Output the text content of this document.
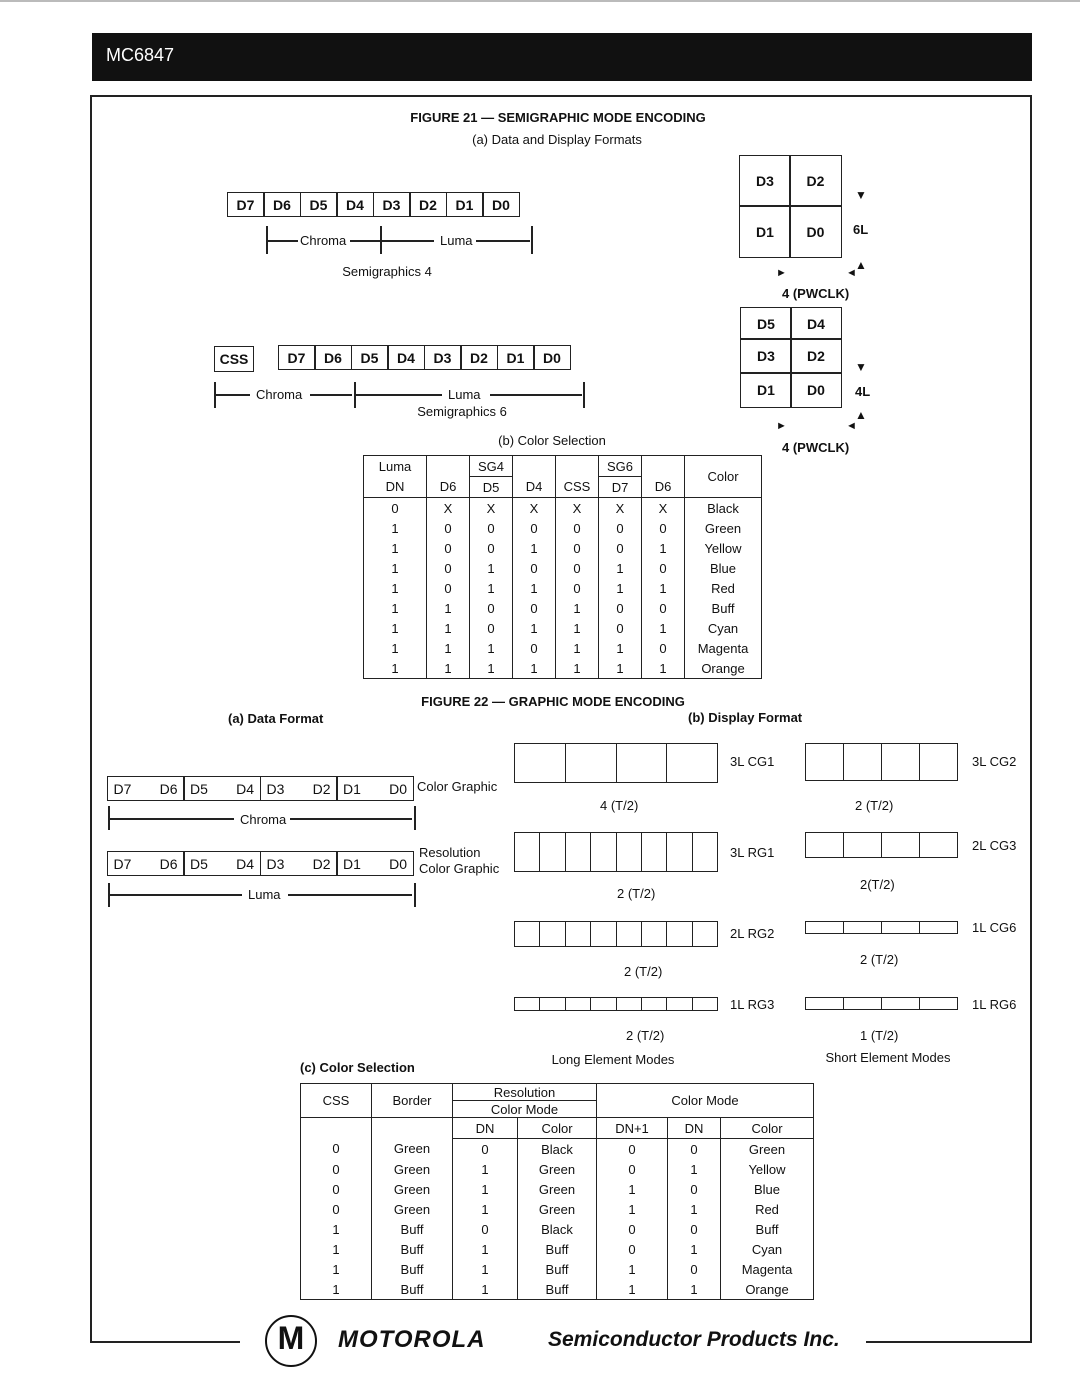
MC6847
FIGURE 21 — SEMIGRAPHIC MODE ENCODING
(a) Data and Display Formats
D7	D6	D5	D4	D3	D2	D1	D0
Chroma	Luma
Semigraphics 4
CSS	D7	D6	D5	D4	D3	D2	D1	D0
Chroma	Luma
Semigraphics 6
D3	D2
D1	D0	6L
▼
▲
►	◄
4 (PWCLK)
D5	D4
D3	D2
D1	D0	4L
▼
▲
►	◄
4 (PWCLK)
(b) Color Selection
Luma		SG4			SG6		Color
DN	D6	D5	D4	CSS	D7	D6	
0	X	X	X	X	X	X	Black
1	0	0	0	0	0	0	Green
1	0	0	1	0	0	1	Yellow
1	0	1	0	0	1	0	Blue
1	0	1	1	0	1	1	Red
1	1	0	0	1	0	0	Buff
1	1	0	1	1	0	1	Cyan
1	1	1	0	1	1	0	Magenta
1	1	1	1	1	1	1	Orange
FIGURE 22 — GRAPHIC MODE ENCODING
(a) Data Format	(b) Display Format
D7 D6 D5 D4 D3 D2 D1 D0 Color Graphic
Chroma
D7 D6 D5 D4 D3 D2 D1 D0
Resolution
Color Graphic
Luma
3L CG1
4 (T/2)
3L RG1
2 (T/2)
2L RG2
2 (T/2)
1L RG3
2 (T/2)
3L CG2
2 (T/2)
2L CG3
2(T/2)
1L CG6
2 (T/2)
1L RG6
1 (T/2)
Long Element Modes	Short Element Modes
(c) Color Selection
CSS	Border	Resolution		Color Mode		
		Color Mode				
		DN	Color	DN+1	DN	Color
0	Green	0	Black	0	0	Green
0	Green	1	Green	0	1	Yellow
0	Green	1	Green	1	0	Blue
0	Green	1	Green	1	1	Red
1	Buff	0	Black	0	0	Buff
1	Buff	1	Buff	0	1	Cyan
1	Buff	1	Buff	1	0	Magenta
1	Buff	1	Buff	1	1	Orange
M	MOTOROLA	Semiconductor Products Inc.
